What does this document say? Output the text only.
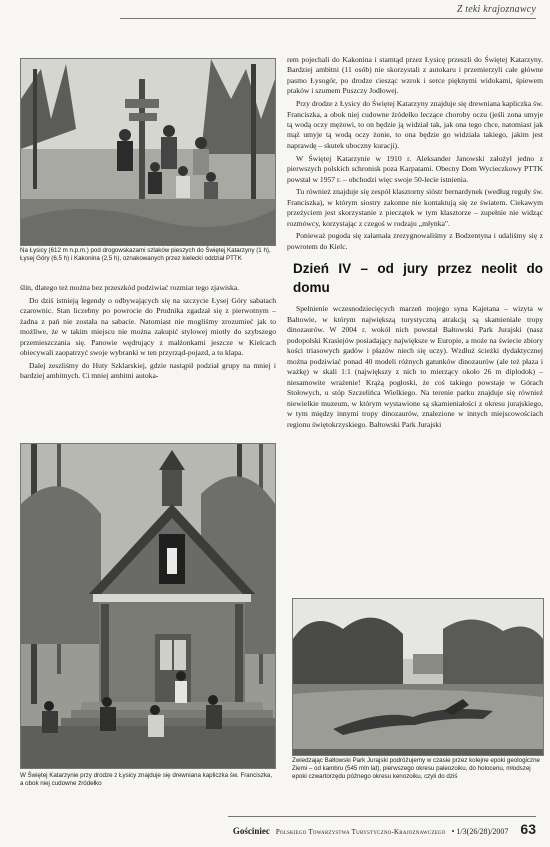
Z teki krajoznawcy
Na Łysicy (612 m n.p.m.) pod drogowskazami szlaków pieszych do Świętej Katarzyny (1 h), Łysej Góry (6,5 h) i Kakonina (2,5 h), oznakowanych przez kieleckí oddział PTTK

ślin, dlatego też można bez przeszkód podziwiać rozmiar tego zjawiska.

Do dziś istnieją legendy o odbywających się na szczycie Łysej Góry sabatach czarownic. Stan liczebny po powrocie do Prudnika zgadzał się z pierwotnym – żadna z pań nie została na sabacie. Natomiast nie mogliśmy zrozumieć jak to możliwe, że w takim miejscu nie można zakupić stylowej miotły do szybszego przemieszczania się. Panowie wędrujący z małżonkami jeszcze w Kielcach obiecywali zaopatrzyć swoje wybranki w ten przyrząd-pojazd, a tu klapa.

Dalej zeszliśmy do Huty Szklarskiej, gdzie nastąpił podział grupy na mniej i bardziej ambitnych. Ci mniej ambitni autoka-

W Świętej Katarzynie przy drodze z Łysicy znajduje się drewniana kapliczka św. Franciszka, a obok niej cudowne źródełko

rem pojechali do Kakonina i stamtąd przez Łysicę przeszli do Świętej Katarzyny. Bardziej ambitni (11 osób) nie skorzystali z autokaru i przemierzyli całe główne pasmo Łysogór, po drodze ciesząc wzrok i serce pięknymi widokami, śpiewem ptaków i szumem Puszczy Jodłowej.

Przy drodze z Łysicy do Świętej Katarzyny znajduje się drewniana kapliczka św. Franciszka, a obok niej cudowne źródełko leczące choroby oczu (jeśli zona umyje tą wodą oczy mężowi, to on będzie ją widział tak, jak ona tego chce, natomiast jak mąż umyje tą wodą oczy żonie, to ona będzie go widziała takiego, jakim jest naprawdę – skutek uboczny kuracji).

W Świętej Katarzynie w 1910 r. Aleksander Janowski założył jedno z pierwszych polskich schronisk poza Karpatami. Obecny Dom Wycieczkowy PTTK powstał w 1957 r. – obchodzi więc swoje 50-lecie istnienia.

Tu również znajduje się zespół klasztorny sióstr bernardynek (według reguły św. Franciszka), w którym siostry zakonne nie kontaktują się ze światem. Ciekawym przeżyciem jest skorzystanie z pieczątek w tym klasztorze – zupełnie nie widząc rozmówcy, korzystając z czegoś w rodzaju „młynka".

Ponieważ pogoda się załamała zrezygnowaliśmy z Bodzentyna i udaliśmy się z powrotem do Kielc.

Dzień IV – od jury przez neolit do domu

Spełnienie wczesnodziecięcych marzeń mojego syna Kajetana – wizyta w Bałtowie, w którym największą turystyczną atrakcją są skamieniałe tropy dinozaurów. W 2004 r. wokół nich powstał Bałtowski Park Jurajski (nasz podopolski Krasiejów posiadający największe w Europie, a może na świecie zbiory kości triasowych gadów i płazów niech się uczy). Wzdłuż ścieżki dydaktycznej można podziwiać ponad 40 modeli różnych gatunków dinozaurów (ale też płaza i ważkę) w skali 1:1 (największy z nich to mierzący około 26 m diplodok) – niesamowite wrażenie! Krążą pogłoski, że coś takiego powstaje w Górach Stołowych, u stóp Szczelińca Wielkiego. Na terenie parku znajduje się również niewielkie muzeum, w którym wystawione są skamieniałości z okresu jurajskiego, w tym między innymi tropy dinozaurów, znalezione w innych miejscowościach regionu świętokrzyskiego. Bałtowski Park Jurajski

Zwiedzając Bałtowski Park Jurajski podróżujemy w czasie przez kolejne epoki geologiczne Ziemi – od kambru (545 mln lat), pierwszego okresu paleozoiku, do holocenu, młodszej epoki czwartorzędu późnego okresu kenozoiku, czyli do dziś
Gościniec Polskiego Towarzystwa Turystyczno-Krajoznawczego • 1/3(26/28)/2007 63
